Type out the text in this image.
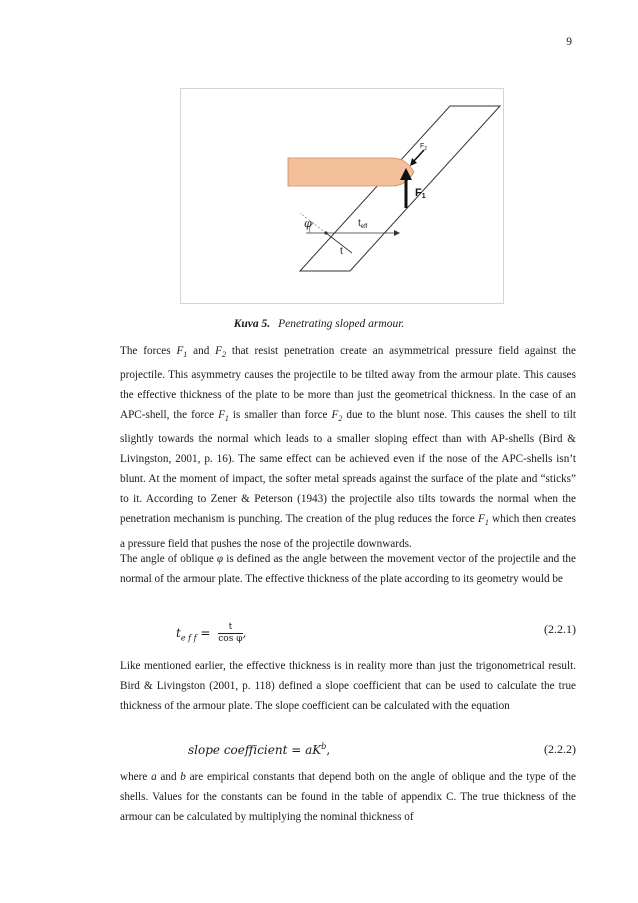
9
$F_2$
F1
φ	$t_{eff}$
t
Kuva 5. Penetrating sloped armour.

The forces $F_1$ and $F_2$ that resist penetration create an asymmetrical pressure field against the projectile. This asymmetry causes the projectile to be tilted away from the armour plate. This causes the effective thickness of the plate to be more than just the geometrical thickness. In the case of an APC-shell, the force $F_1$ is smaller than force $F_2$ due to the blunt nose. This causes the shell to tilt slightly towards the normal which leads to a smaller sloping effect than with AP-shells (Bird & Livingston, 2001, p. 16). The same effect can be achieved even if the nose of the APC-shells isn’t blunt. At the moment of impact, the softer metal spreads against the surface of the plate and “sticks” to it. According to Zener & Peterson (1943) the projectile also tilts towards the normal when the penetration mechanism is punching. The creation of the plug reduces the force $F_1$ which then creates a pressure field that pushes the nose of the projectile downwards.

The angle of oblique φ is defined as the angle between the movement vector of the projectile and the normal of the armour plate. The effective thickness of the plate according to its geometry would be

$t_{e f f} = \frac{t}{\text{cos φ}}$ ,	(2.2.1)

Like mentioned earlier, the effective thickness is in reality more than just the trigonometrical result. Bird & Livingston (2001, p. 118) defined a slope coefficient that can be used to calculate the true thickness of the armour plate. The slope coefficient can be calculated with the equation

slope coefficient = $aK^b$,	(2.2.2)

where a and b are empirical constants that depend both on the angle of oblique and the type of the shells. Values for the constants can be found in the table of appendix C. The true thickness of the armour can be calculated by multiplying the nominal thickness of
